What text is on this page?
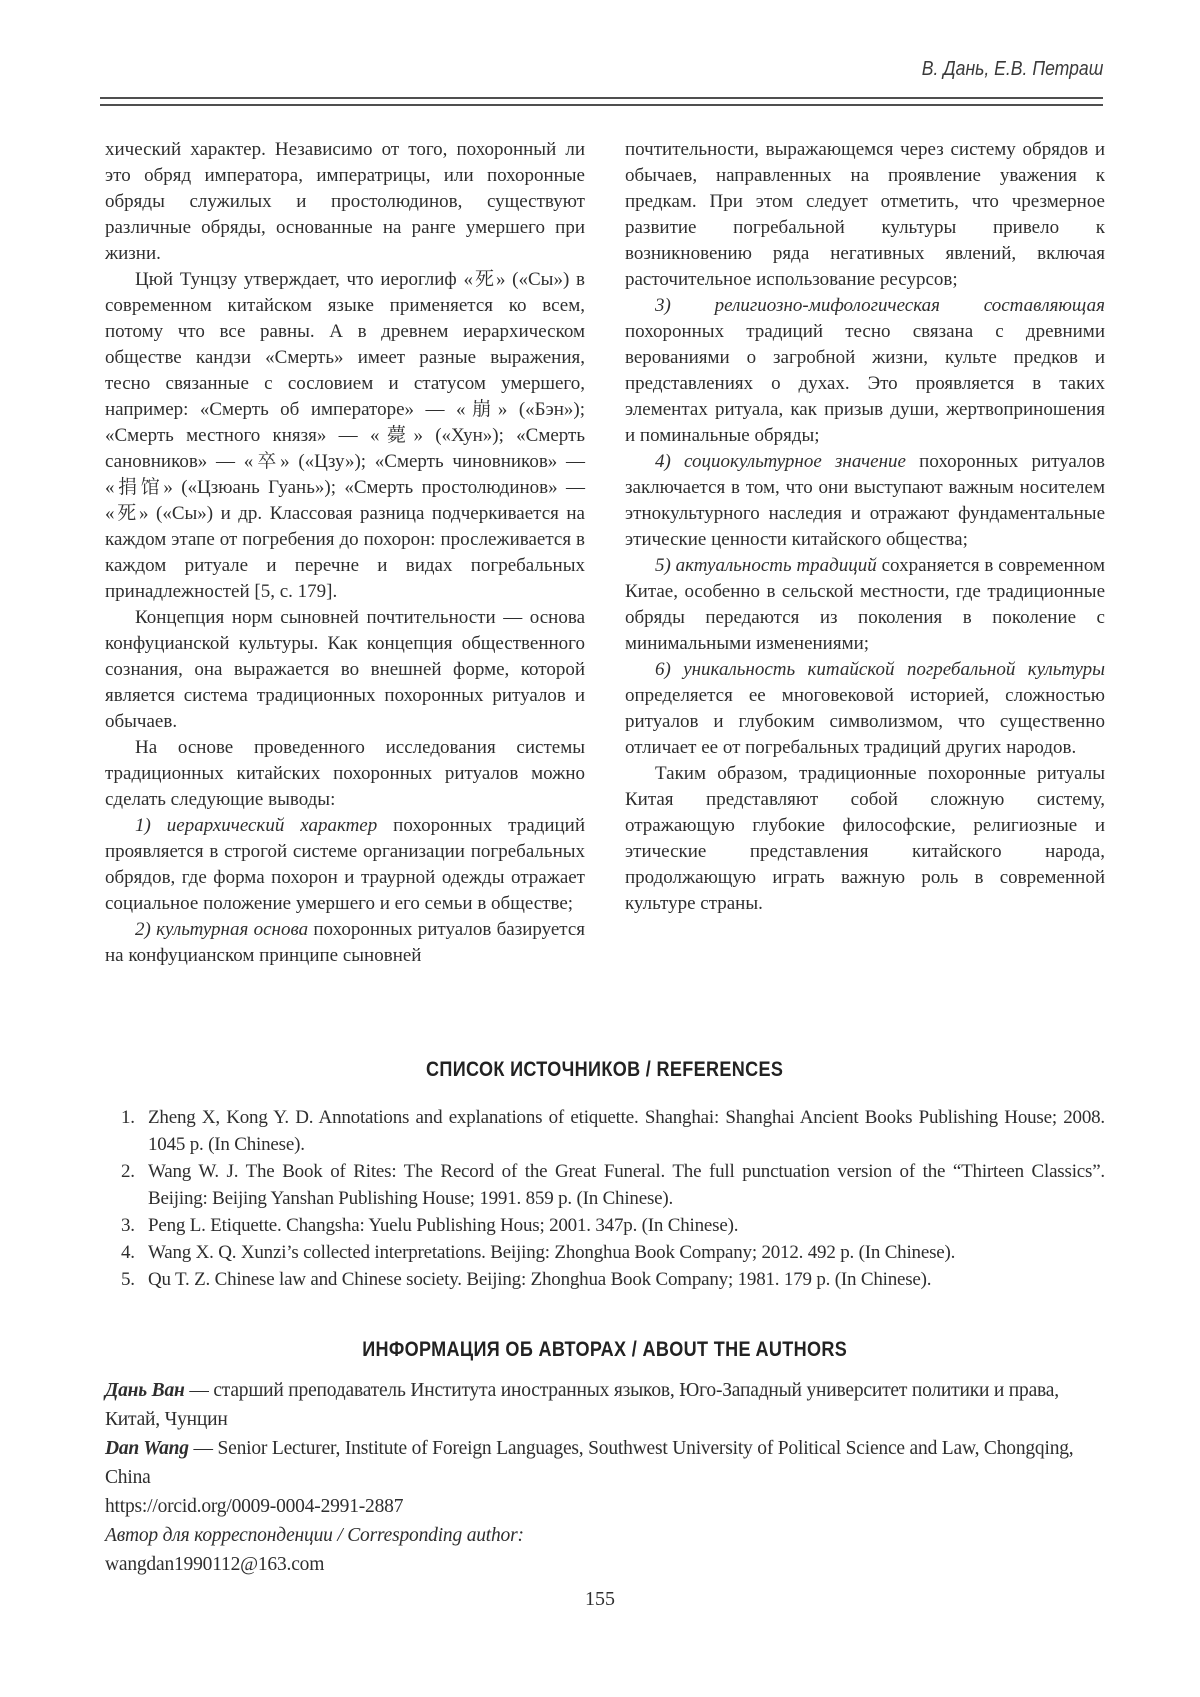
В. Дань, Е.В. Петраш

хический характер. Независимо от того, похоронный ли это обряд императора, императрицы, или похоронные обряды служилых и простолюдинов, существуют различные обряды, основанные на ранге умершего при жизни.

Цюй Тунцзу утверждает, что иероглиф «死» («Сы») в современном китайском языке применяется ко всем, потому что все равны. А в древнем иерархическом обществе кандзи «Смерть» имеет разные выражения, тесно связанные с сословием и статусом умершего, например: «Смерть об императоре» — «崩» («Бэн»); «Смерть местного князя» — «薨» («Хун»); «Смерть сановников» — «卒» («Цзу»); «Смерть чиновников» — «捐馆» («Цзюань Гуань»); «Смерть простолюдинов» — «死» («Сы») и др. Классовая разница подчеркивается на каждом этапе от погребения до похорон: прослеживается в каждом ритуале и перечне и видах погребальных принадлежностей [5, с. 179].

Концепция норм сыновней почтительности — основа конфуцианской культуры. Как концепция общественного сознания, она выражается во внешней форме, которой является система традиционных похоронных ритуалов и обычаев.

На основе проведенного исследования системы традиционных китайских похоронных ритуалов можно сделать следующие выводы:

1) иерархический характер похоронных традиций проявляется в строгой системе организации погребальных обрядов, где форма похорон и траурной одежды отражает социальное положение умершего и его семьи в обществе;

2) культурная основа похоронных ритуалов базируется на конфуцианском принципе сыновней

почтительности, выражающемся через систему обрядов и обычаев, направленных на проявление уважения к предкам. При этом следует отметить, что чрезмерное развитие погребальной культуры привело к возникновению ряда негативных явлений, включая расточительное использование ресурсов;

3) религиозно-мифологическая составляющая похоронных традиций тесно связана с древними верованиями о загробной жизни, культе предков и представлениях о духах. Это проявляется в таких элементах ритуала, как призыв души, жертвоприношения и поминальные обряды;

4) социокультурное значение похоронных ритуалов заключается в том, что они выступают важным носителем этнокультурного наследия и отражают фундаментальные этические ценности китайского общества;

5) актуальность традиций сохраняется в современном Китае, особенно в сельской местности, где традиционные обряды передаются из поколения в поколение с минимальными изменениями;

6) уникальность китайской погребальной культуры определяется ее многовековой историей, сложностью ритуалов и глубоким символизмом, что существенно отличает ее от погребальных традиций других народов.

Таким образом, традиционные похоронные ритуалы Китая представляют собой сложную систему, отражающую глубокие философские, религиозные и этические представления китайского народа, продолжающую играть важную роль в современной культуре страны.

СПИСОК ИСТОЧНИКОВ / REFERENCES
1. Zheng X, Kong Y. D. Annotations and explanations of etiquette. Shanghai: Shanghai Ancient Books Publishing House; 2008. 1045 p. (In Chinese).
2. Wang W. J. The Book of Rites: The Record of the Great Funeral. The full punctuation version of the “Thirteen Classics”. Beijing: Beijing Yanshan Publishing House; 1991. 859 p. (In Chinese).
3. Peng L. Etiquette. Changsha: Yuelu Publishing Hous; 2001. 347p. (In Chinese).
4. Wang X. Q. Xunzi’s collected interpretations. Beijing: Zhonghua Book Company; 2012. 492 p. (In Chinese).
5. Qu T. Z. Chinese law and Chinese society. Beijing: Zhonghua Book Company; 1981. 179 p. (In Chinese).
ИНФОРМАЦИЯ ОБ АВТОРАХ / ABOUT THE AUTHORS

Дань Ван — старший преподаватель Института иностранных языков, Юго-Западный университет политики и права, Китай, Чунцин

Dan Wang — Senior Lecturer, Institute of Foreign Languages, Southwest University of Political Science and Law, Chongqing, China

https://orcid.org/0009-0004-2991-2887

Автор для корреспонденции / Corresponding author:

wangdan1990112@163.com

155
